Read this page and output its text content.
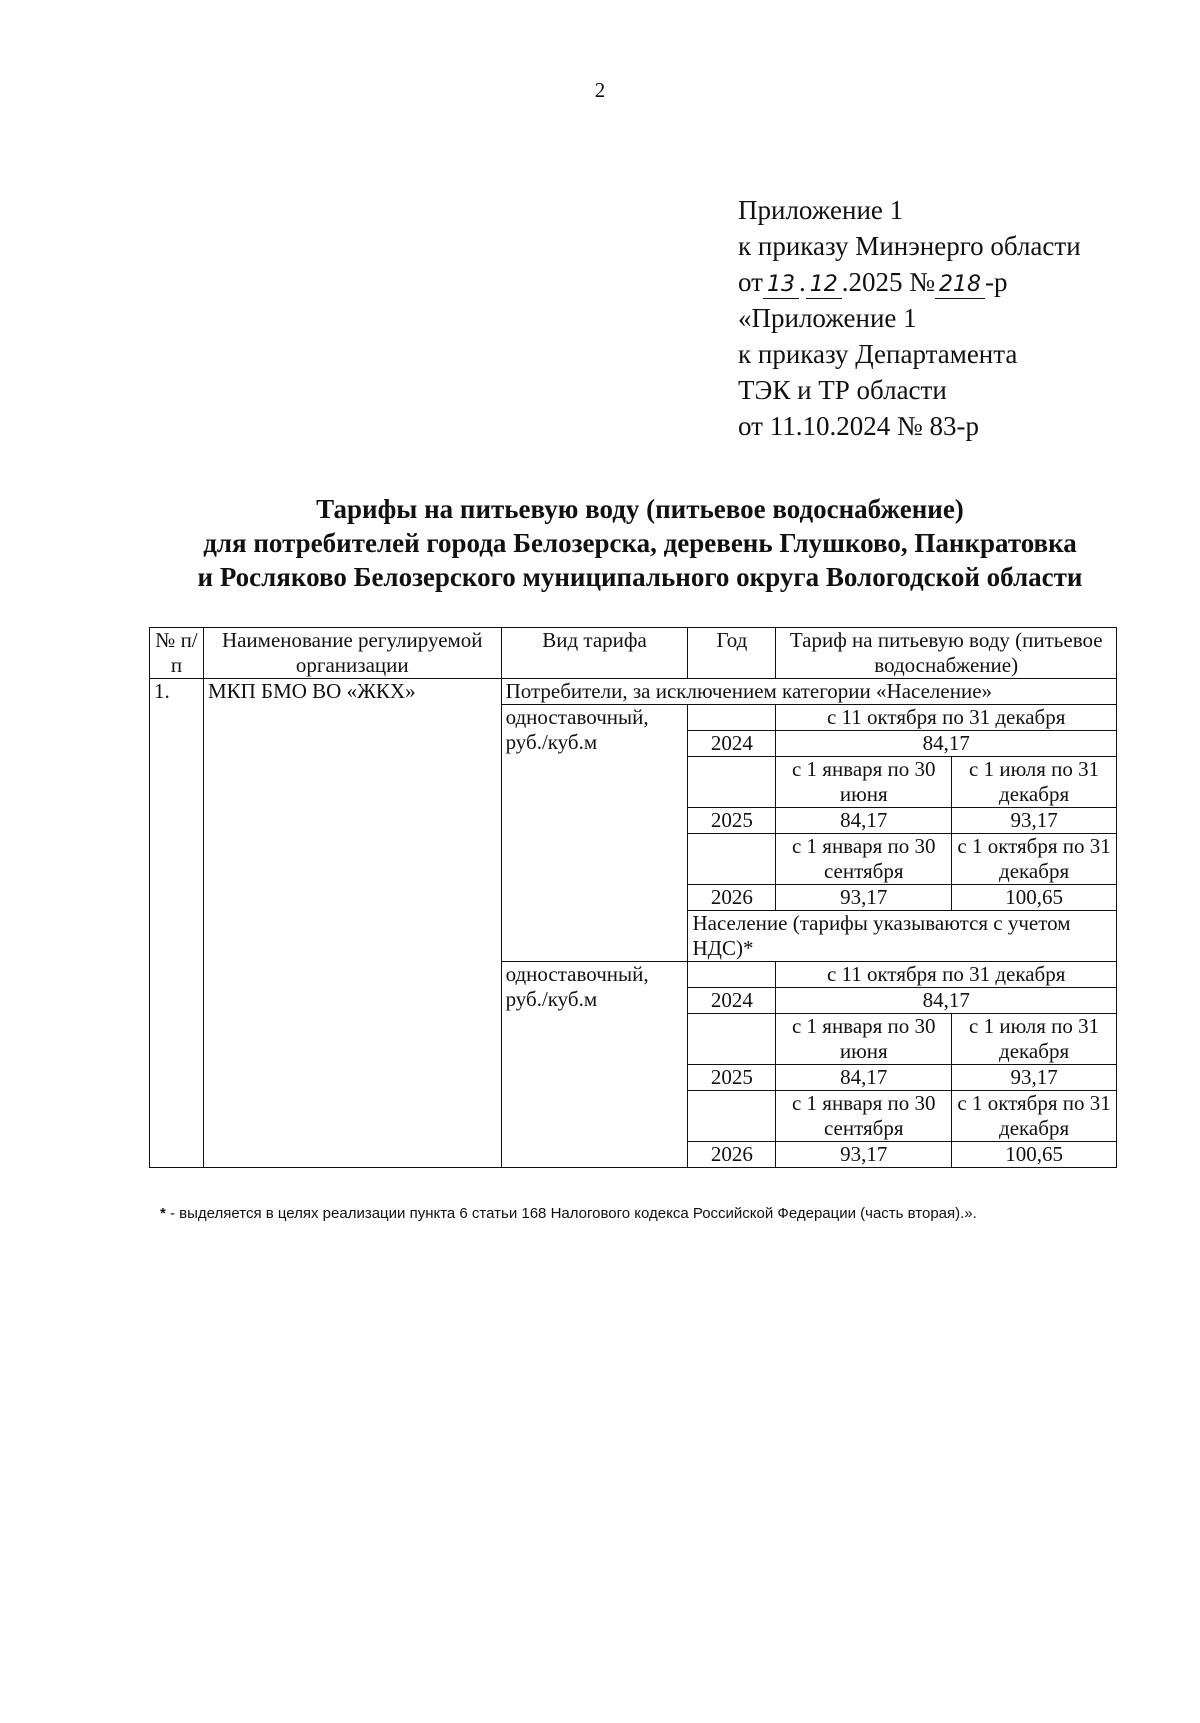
2
Приложение 1
к приказу Минэнерго области
от 13 . 12 .2025 № 218 -р
«Приложение 1
к приказу Департамента
ТЭК и ТР области
от 11.10.2024 № 83-р
Тарифы на питьевую воду (питьевое водоснабжение)
для потребителей города Белозерска, деревень Глушково, Панкратовка
и Росляково Белозерского муниципального округа Вологодской области
№ п/п	Наименование регулируемой организации	Вид тарифа	Год	Тариф на питьевую воду (питьевое водоснабжение)	
1.	МКП БМО ВО «ЖКХ»	Потребители, за исключением категории «Население»			
		одноставочный, руб./куб.м		с 11 октября по 31 декабря	
			2024	84,17	
				с 1 января по 30 июня	с 1 июля по 31 декабря
			2025	84,17	93,17
				с 1 января по 30 сентября	с 1 октября по 31 декабря
			2026	93,17	100,65
			Население (тарифы указываются с учетом НДС)*		
		одноставочный, руб./куб.м		с 11 октября по 31 декабря	
			2024	84,17	
				с 1 января по 30 июня	с 1 июля по 31 декабря
			2025	84,17	93,17
				с 1 января по 30 сентября	с 1 октября по 31 декабря
			2026	93,17	100,65
* - выделяется в целях реализации пункта 6 статьи 168 Налогового кодекса Российской Федерации (часть вторая).».
